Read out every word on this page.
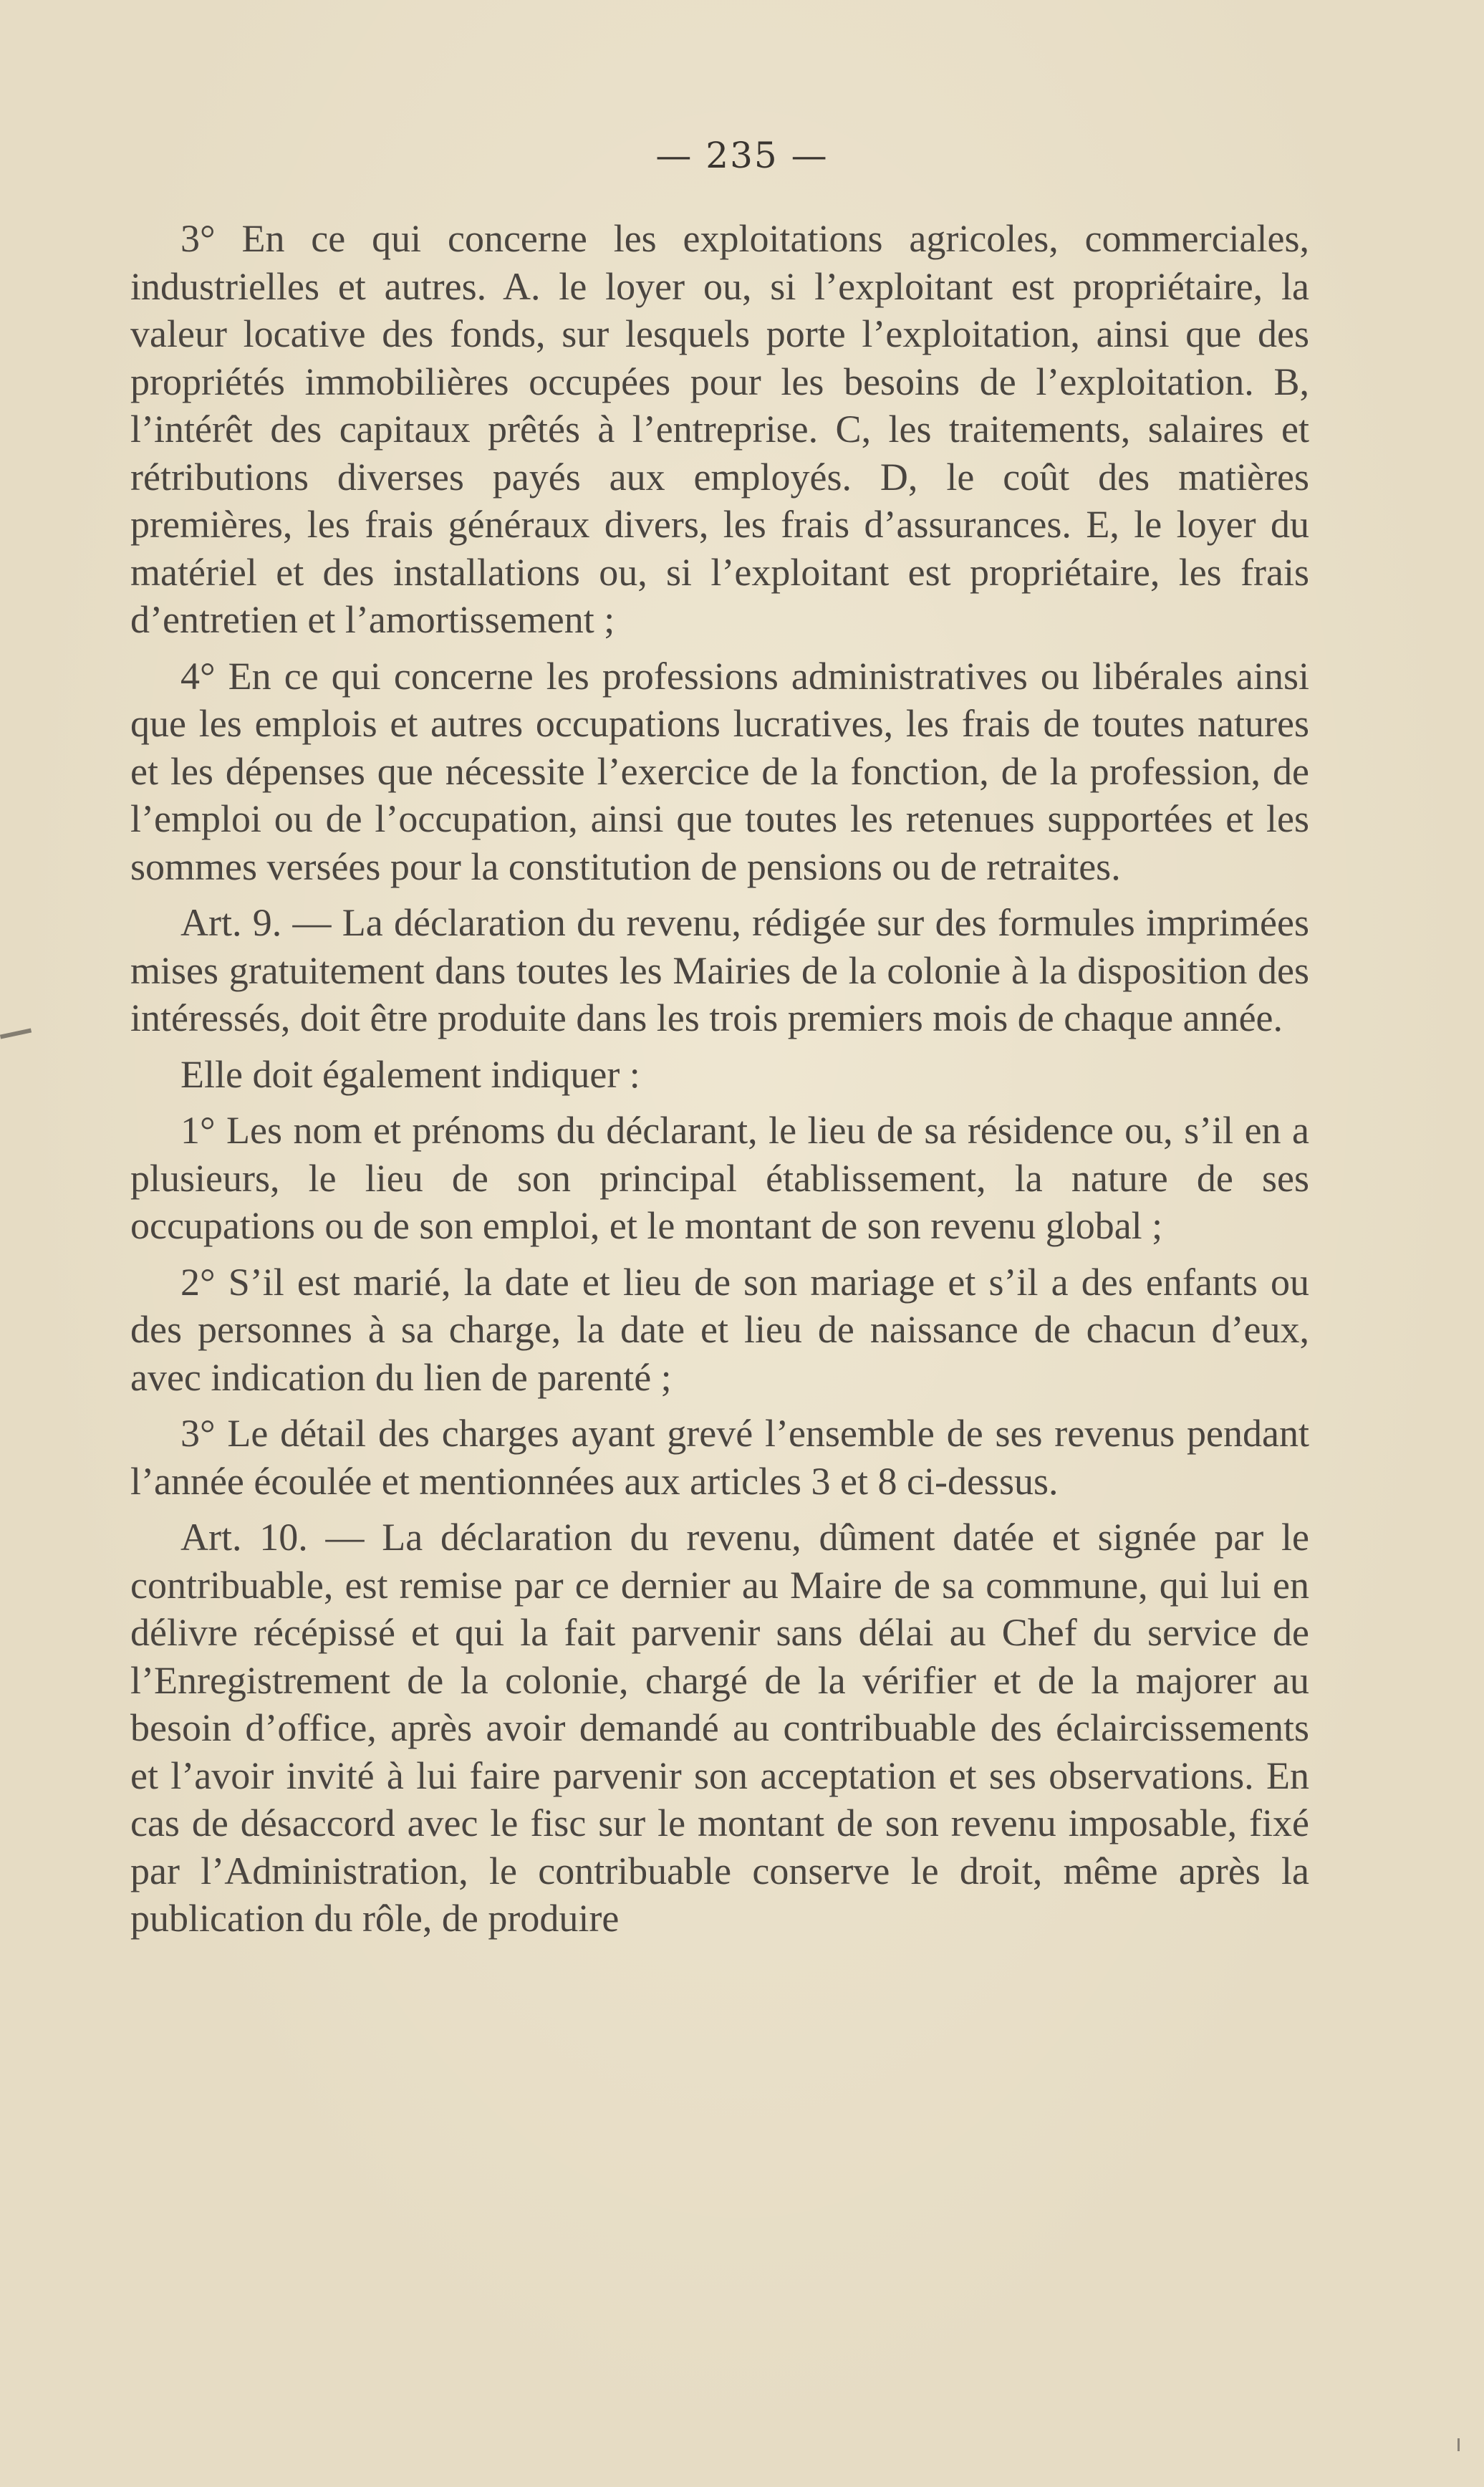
— 235 —

3° En ce qui concerne les exploitations agricoles, commerciales, industrielles et autres. A. le loyer ou, si l’exploitant est propriétaire, la valeur locative des fonds, sur lesquels porte l’exploitation, ainsi que des propriétés immobilières occupées pour les besoins de l’exploitation. B, l’intérêt des capitaux prêtés à l’entreprise. C, les traitements, salaires et rétributions diverses payés aux employés. D, le coût des matières premières, les frais généraux divers, les frais d’assurances. E, le loyer du matériel et des installations ou, si l’exploitant est propriétaire, les frais d’entretien et l’amortissement ;

4° En ce qui concerne les professions administratives ou libérales ainsi que les emplois et autres occupations lucratives, les frais de toutes natures et les dépenses que nécessite l’exercice de la fonction, de la profession, de l’emploi ou de l’occupation, ainsi que toutes les retenues supportées et les sommes versées pour la constitution de pensions ou de retraites.

Art. 9. — La déclaration du revenu, rédigée sur des formules imprimées mises gratuitement dans toutes les Mairies de la colonie à la disposition des intéressés, doit être produite dans les trois premiers mois de chaque année.

Elle doit également indiquer :

1° Les nom et prénoms du déclarant, le lieu de sa résidence ou, s’il en a plusieurs, le lieu de son principal établissement, la nature de ses occupations ou de son emploi, et le montant de son revenu global ;

2° S’il est marié, la date et lieu de son mariage et s’il a des enfants ou des personnes à sa charge, la date et lieu de naissance de chacun d’eux, avec indication du lien de parenté ;

3° Le détail des charges ayant grevé l’ensemble de ses revenus pendant l’année écoulée et mentionnées aux articles 3 et 8 ci-dessus.

Art. 10. — La déclaration du revenu, dûment datée et signée par le contribuable, est remise par ce dernier au Maire de sa commune, qui lui en délivre récépissé et qui la fait parvenir sans délai au Chef du service de l’Enregistrement de la colonie, chargé de la vérifier et de la majorer au besoin d’office, après avoir demandé au contribuable des éclaircissements et l’avoir invité à lui faire parvenir son acceptation et ses observations. En cas de désaccord avec le fisc sur le montant de son revenu imposable, fixé par l’Administration, le contribuable conserve le droit, même après la publication du rôle, de produire
